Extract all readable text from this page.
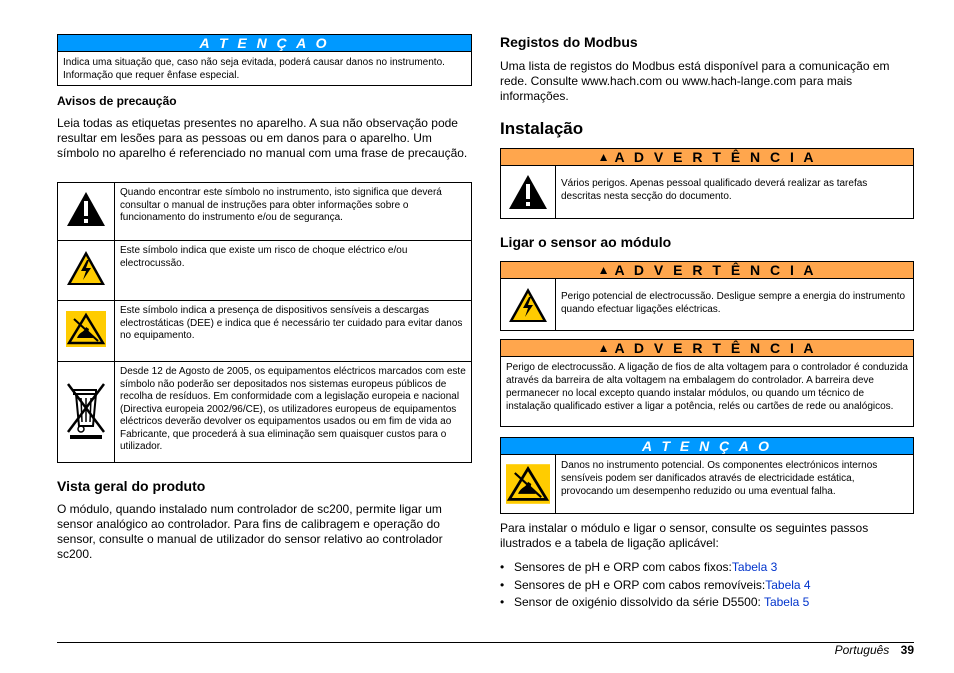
A T E N Ç A O
Indica uma situação que, caso não seja evitada, poderá causar danos no instrumento. Informação que requer ênfase especial.
Avisos de precaução

Leia todas as etiquetas presentes no aparelho. A sua não observação pode resultar em lesões para as pessoas ou em danos para o aparelho. Um símbolo no aparelho é referenciado no manual com uma frase de precaução.

	Quando encontrar este símbolo no instrumento, isto significa que deverá consultar o manual de instruções para obter informações sobre o funcionamento do instrumento e/ou de segurança.
	Este símbolo indica que existe um risco de choque eléctrico e/ou electrocussão.
	Este símbolo indica a presença de dispositivos sensíveis a descargas electrostáticas (DEE) e indica que é necessário ter cuidado para evitar danos no equipamento.
	Desde 12 de Agosto de 2005, os equipamentos eléctricos marcados com este símbolo não poderão ser depositados nos sistemas europeus públicos de recolha de resíduos. Em conformidade com a legislação europeia e nacional (Directiva europeia 2002/96/CE), os utilizadores europeus de equipamentos eléctricos deverão devolver os equipamentos usados ou em fim de vida ao Fabricante, que procederá à sua eliminação sem quaisquer custos para o utilizador.
Vista geral do produto

O módulo, quando instalado num controlador de sc200, permite ligar um sensor analógico ao controlador. Para fins de calibragem e operação do sensor, consulte o manual de utilizador do sensor relativo ao controlador sc200.

Registos do Modbus

Uma lista de registos do Modbus está disponível para a comunicação em rede. Consulte www.hach.com ou www.hach-lange.com para mais informações.

Instalação
▲ A D V E R T Ê N C I A
Vários perigos. Apenas pessoal qualificado deverá realizar as tarefas descritas nesta secção do documento.
Ligar o sensor ao módulo
▲ A D V E R T Ê N C I A
Perigo potencial de electrocussão. Desligue sempre a energia do instrumento quando efectuar ligações eléctricas.
▲ A D V E R T Ê N C I A
Perigo de electrocussão. A ligação de fios de alta voltagem para o controlador é conduzida através da barreira de alta voltagem na embalagem do controlador. A barreira deve permanecer no local excepto quando instalar módulos, ou quando um técnico de instalação qualificado estiver a ligar a potência, relés ou cartões de rede ou analógicos.
A T E N Ç A O
Danos no instrumento potencial. Os componentes electrónicos internos sensíveis podem ser danificados através de electricidade estática, provocando um desempenho reduzido ou uma eventual falha.

Para instalar o módulo e ligar o sensor, consulte os seguintes passos ilustrados e a tabela de ligação aplicável:

• Sensores de pH e ORP com cabos fixos:Tabela 3
• Sensores de pH e ORP com cabos removíveis:Tabela 4
• Sensor de oxigénio dissolvido da série D5500: Tabela 5
Português 39
